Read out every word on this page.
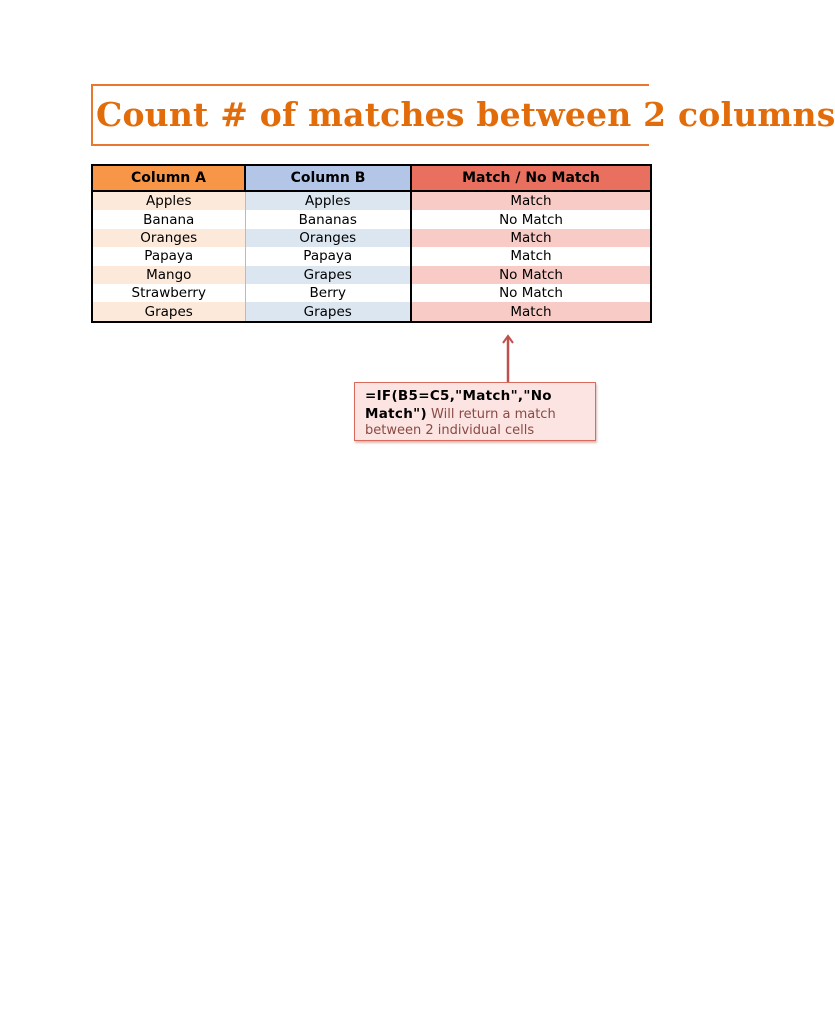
Count # of matches between 2 columns
Column A	Column B	Match / No Match
Apples	Apples	Match
Banana	Bananas	No Match
Oranges	Oranges	Match
Papaya	Papaya	Match
Mango	Grapes	No Match
Strawberry	Berry	No Match
Grapes	Grapes	Match
=IF(B5=C5,"Match","No Match") Will return a match between 2 individual cells
